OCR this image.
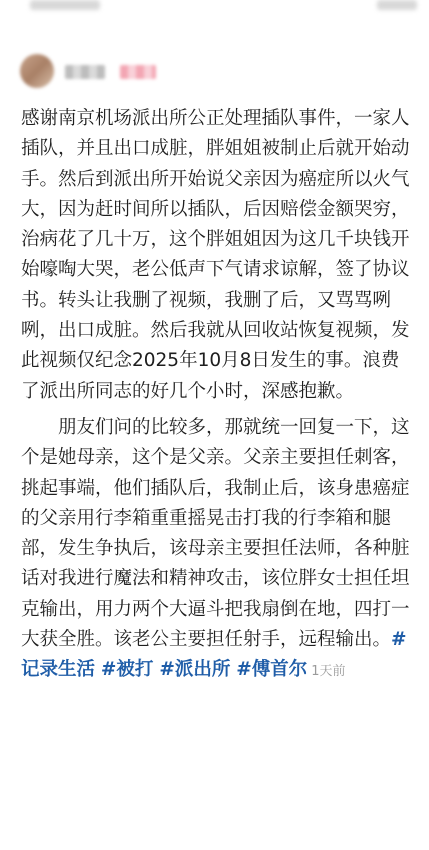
感谢南京机场派出所公正处理插队事件，一家人插队，并且出口成脏，胖姐姐被制止后就开始动手。然后到派出所开始说父亲因为癌症所以火气大，因为赶时间所以插队，后因赔偿金额哭穷，治病花了几十万，这个胖姐姐因为这几千块钱开始嚎啕大哭，老公低声下气请求谅解，签了协议书。转头让我删了视频，我删了后，又骂骂咧咧，出口成脏。然后我就从回收站恢复视频，发此视频仅纪念2025年10月8日发生的事。浪费了派出所同志的好几个小时，深感抱歉。

朋友们问的比较多，那就统一回复一下，这个是她母亲，这个是父亲。父亲主要担任刺客，挑起事端，他们插队后，我制止后，该身患癌症的父亲用行李箱重重摇晃击打我的行李箱和腿部，发生争执后，该母亲主要担任法师，各种脏话对我进行魔法和精神攻击，该位胖女士担任坦克输出，用力两个大逼斗把我扇倒在地，四打一大获全胜。该老公主要担任射手，远程输出。#记录生活 #被打 #派出所 #傅首尔 1天前
